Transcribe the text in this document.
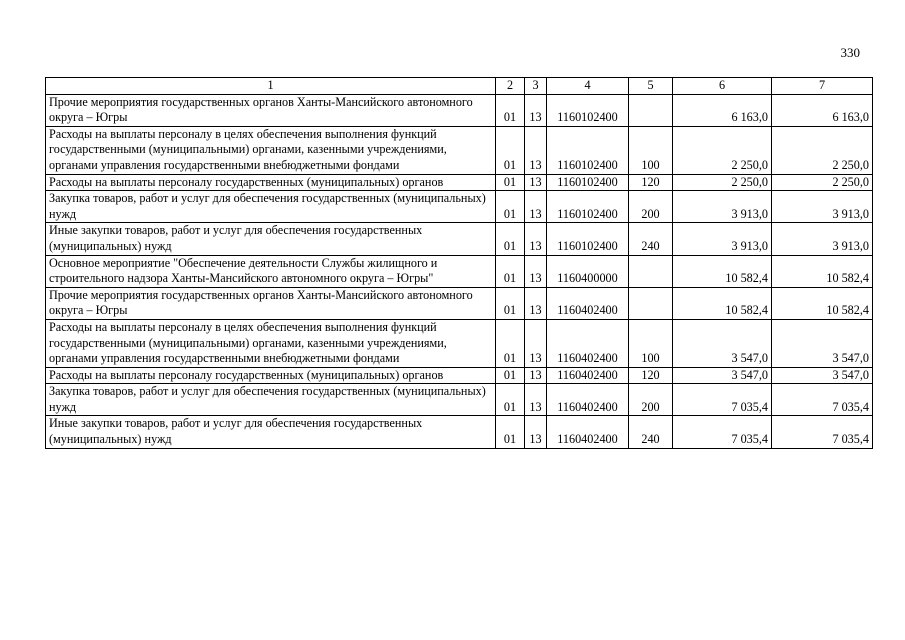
330
1	2	3	4	5	6	7
Прочие мероприятия государственных органов Ханты-Мансийского автономного округа – Югры	01	13	1160102400		6 163,0	6 163,0
Расходы на выплаты персоналу в целях обеспечения выполнения функций государственными (муниципальными) органами, казенными учреждениями, органами управления государственными внебюджетными фондами	01	13	1160102400	100	2 250,0	2 250,0
Расходы на выплаты персоналу государственных (муниципальных) органов	01	13	1160102400	120	2 250,0	2 250,0
Закупка товаров, работ и услуг для обеспечения государственных (муниципальных) нужд	01	13	1160102400	200	3 913,0	3 913,0
Иные закупки товаров, работ и услуг для обеспечения государственных (муниципальных) нужд	01	13	1160102400	240	3 913,0	3 913,0
Основное мероприятие "Обеспечение деятельности Службы жилищного и строительного надзора Ханты-Мансийского автономного округа – Югры"	01	13	1160400000		10 582,4	10 582,4
Прочие мероприятия государственных органов Ханты-Мансийского автономного округа – Югры	01	13	1160402400		10 582,4	10 582,4
Расходы на выплаты персоналу в целях обеспечения выполнения функций государственными (муниципальными) органами, казенными учреждениями, органами управления государственными внебюджетными фондами	01	13	1160402400	100	3 547,0	3 547,0
Расходы на выплаты персоналу государственных (муниципальных) органов	01	13	1160402400	120	3 547,0	3 547,0
Закупка товаров, работ и услуг для обеспечения государственных (муниципальных) нужд	01	13	1160402400	200	7 035,4	7 035,4
Иные закупки товаров, работ и услуг для обеспечения государственных (муниципальных) нужд	01	13	1160402400	240	7 035,4	7 035,4
